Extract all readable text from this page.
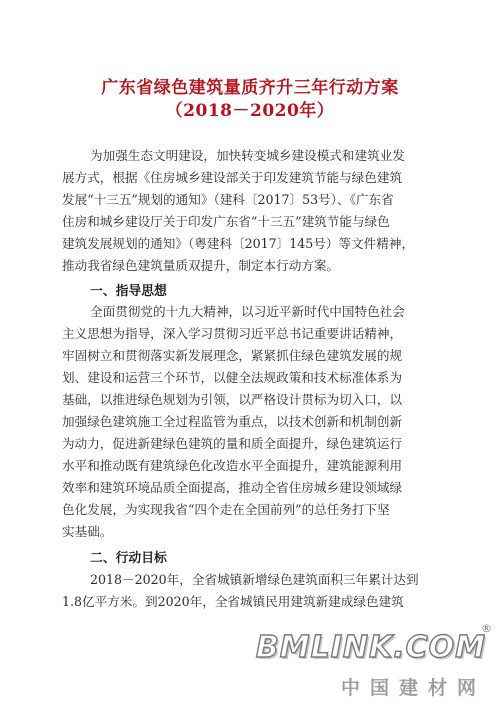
广东省绿色建筑量质齐升三年行动方案
（2018－2020年）

为加强生态文明建设，加快转变城乡建设模式和建筑业发

展方式，根据《住房城乡建设部关于印发建筑节能与绿色建筑

发展“十三五”规划的通知》（建科〔2017〕53号）、《广东省

住房和城乡建设厅关于印发广东省“十三五”建筑节能与绿色

建筑发展规划的通知》（粤建科〔2017〕145号）等文件精神，

推动我省绿色建筑量质双提升，制定本行动方案。

一、指导思想

全面贯彻党的十九大精神，以习近平新时代中国特色社会

主义思想为指导，深入学习贯彻习近平总书记重要讲话精神，

牢固树立和贯彻落实新发展理念，紧紧抓住绿色建筑发展的规

划、建设和运营三个环节，以健全法规政策和技术标准体系为

基础，以推进绿色规划为引领，以严格设计贯标为切入口，以

加强绿色建筑施工全过程监管为重点，以技术创新和机制创新

为动力，促进新建绿色建筑的量和质全面提升，绿色建筑运行

水平和推动既有建筑绿色化改造水平全面提升，建筑能源利用

效率和建筑环境品质全面提高，推动全省住房城乡建设领域绿

色化发展，为实现我省“四个走在全国前列”的总任务打下坚

实基础。

二、行动目标

2018－2020年，全省城镇新增绿色建筑面积三年累计达到

1.8亿平方米。到2020年，全省城镇民用建筑新建成绿色建筑

®
BMLINK.COM
中国建材网
